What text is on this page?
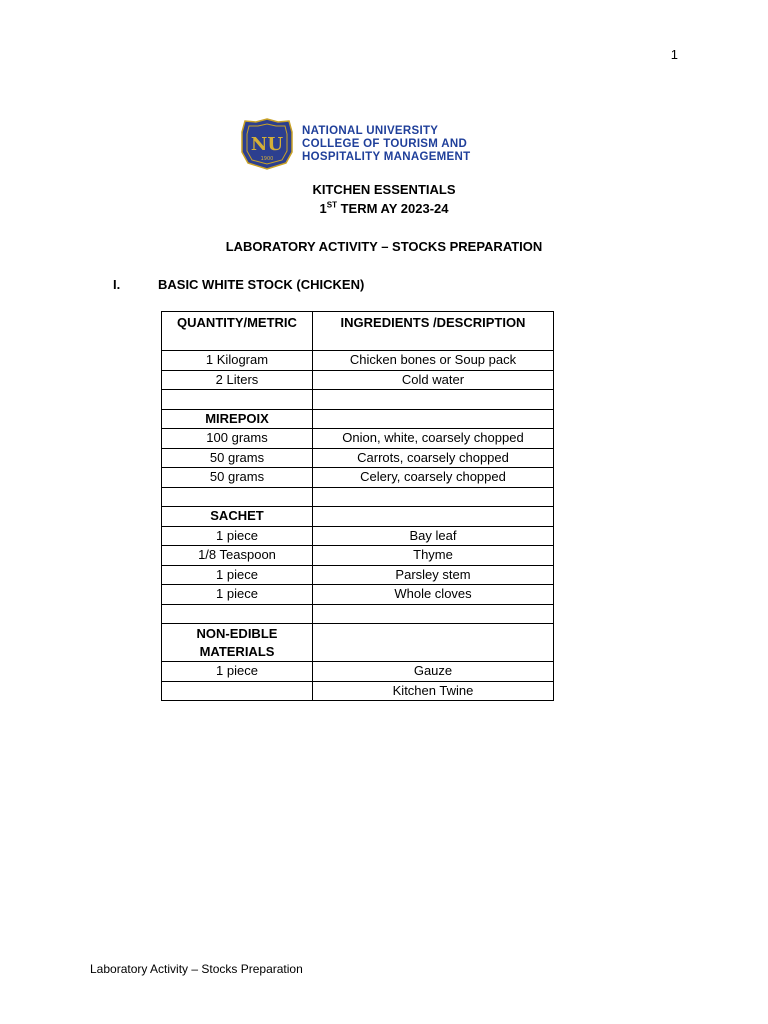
1
NU
1900
NATIONAL UNIVERSITY
COLLEGE OF TOURISM AND
HOSPITALITY MANAGEMENT
KITCHEN ESSENTIALS
1ST TERM AY 2023-24
LABORATORY ACTIVITY – STOCKS PREPARATION
I.	BASIC WHITE STOCK (CHICKEN)
QUANTITY/METRIC	INGREDIENTS /DESCRIPTION
1 Kilogram	Chicken bones or Soup pack
2 Liters	Cold water

MIREPOIX	
100 grams	Onion, white, coarsely chopped
50 grams	Carrots, coarsely chopped
50 grams	Celery, coarsely chopped

SACHET	
1 piece	Bay leaf
1/8 Teaspoon	Thyme
1 piece	Parsley stem
1 piece	Whole cloves

NON-EDIBLE MATERIALS	
1 piece	Gauze
	Kitchen Twine
Laboratory Activity – Stocks Preparation
